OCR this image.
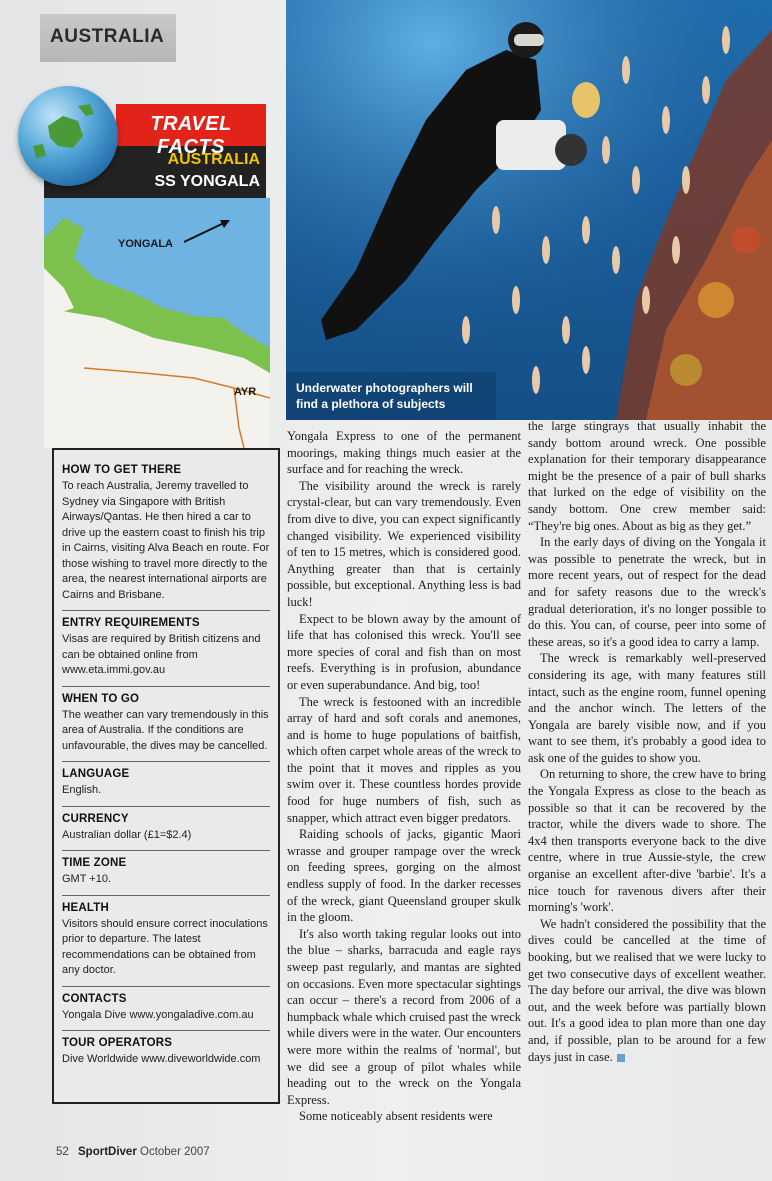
AUSTRALIA
Underwater photographers will find a plethora of subjects
YONGALA
AYR
AUSTRALIA
SS YONGALA
TRAVEL FACTS
HOW TO GET THERE

To reach Australia, Jeremy travelled to Sydney via Singapore with British Airways/Qantas. He then hired a car to drive up the eastern coast to finish his trip in Cairns, visiting Alva Beach en route. For those wishing to travel more directly to the area, the nearest international airports are Cairns and Brisbane.

ENTRY REQUIREMENTS

Visas are required by British citizens and can be obtained online from www.eta.immi.gov.au

WHEN TO GO

The weather can vary tremendously in this area of Australia. If the conditions are unfavourable, the dives may be cancelled.

LANGUAGE

English.

CURRENCY

Australian dollar (£1=$2.4)

TIME ZONE

GMT +10.

HEALTH

Visitors should ensure correct inoculations prior to departure. The latest recommendations can be obtained from any doctor.

CONTACTS

Yongala Dive www.yongaladive.com.au

TOUR OPERATORS

Dive Worldwide www.diveworldwide.com

Yongala Express to one of the permanent moorings, making things much easier at the surface and for reaching the wreck.

The visibility around the wreck is rarely crystal-clear, but can vary tremendously. Even from dive to dive, you can expect significantly changed visibility. We experienced visibility of ten to 15 metres, which is considered good. Anything greater than that is certainly possible, but exceptional. Anything less is bad luck!

Expect to be blown away by the amount of life that has colonised this wreck. You'll see more species of coral and fish than on most reefs. Everything is in profusion, abundance or even superabundance. And big, too!

The wreck is festooned with an incredible array of hard and soft corals and anemones, and is home to huge populations of baitfish, which often carpet whole areas of the wreck to the point that it moves and ripples as you swim over it. These countless hordes provide food for huge numbers of fish, such as snapper, which attract even bigger predators.

Raiding schools of jacks, gigantic Maori wrasse and grouper rampage over the wreck on feeding sprees, gorging on the almost endless supply of food. In the darker recesses of the wreck, giant Queensland grouper skulk in the gloom.

It's also worth taking regular looks out into the blue – sharks, barracuda and eagle rays sweep past regularly, and mantas are sighted on occasions. Even more spectacular sightings can occur – there's a record from 2006 of a humpback whale which cruised past the wreck while divers were in the water. Our encounters were more within the realms of 'normal', but we did see a group of pilot whales while heading out to the wreck on the Yongala Express.

Some noticeably absent residents were

the large stingrays that usually inhabit the sandy bottom around wreck. One possible explanation for their temporary disappearance might be the presence of a pair of bull sharks that lurked on the edge of visibility on the sandy bottom. One crew member said: “They're big ones. About as big as they get.”

In the early days of diving on the Yongala it was possible to penetrate the wreck, but in more recent years, out of respect for the dead and for safety reasons due to the wreck's gradual deterioration, it's no longer possible to do this. You can, of course, peer into some of these areas, so it's a good idea to carry a lamp.

The wreck is remarkably well-preserved considering its age, with many features still intact, such as the engine room, funnel opening and the anchor winch. The letters of the Yongala are barely visible now, and if you want to see them, it's probably a good idea to ask one of the guides to show you.

On returning to shore, the crew have to bring the Yongala Express as close to the beach as possible so that it can be recovered by the tractor, while the divers wade to shore. The 4x4 then transports everyone back to the dive centre, where in true Aussie-style, the crew organise an excellent after-dive 'barbie'. It's a nice touch for ravenous divers after their morning's 'work'.

We hadn't considered the possibility that the dives could be cancelled at the time of booking, but we realised that we were lucky to get two consecutive days of excellent weather. The day before our arrival, the dive was blown out, and the week before was partially blown out. It's a good idea to plan more than one day and, if possible, plan to be around for a few days just in case.

52 SportDiver October 2007
